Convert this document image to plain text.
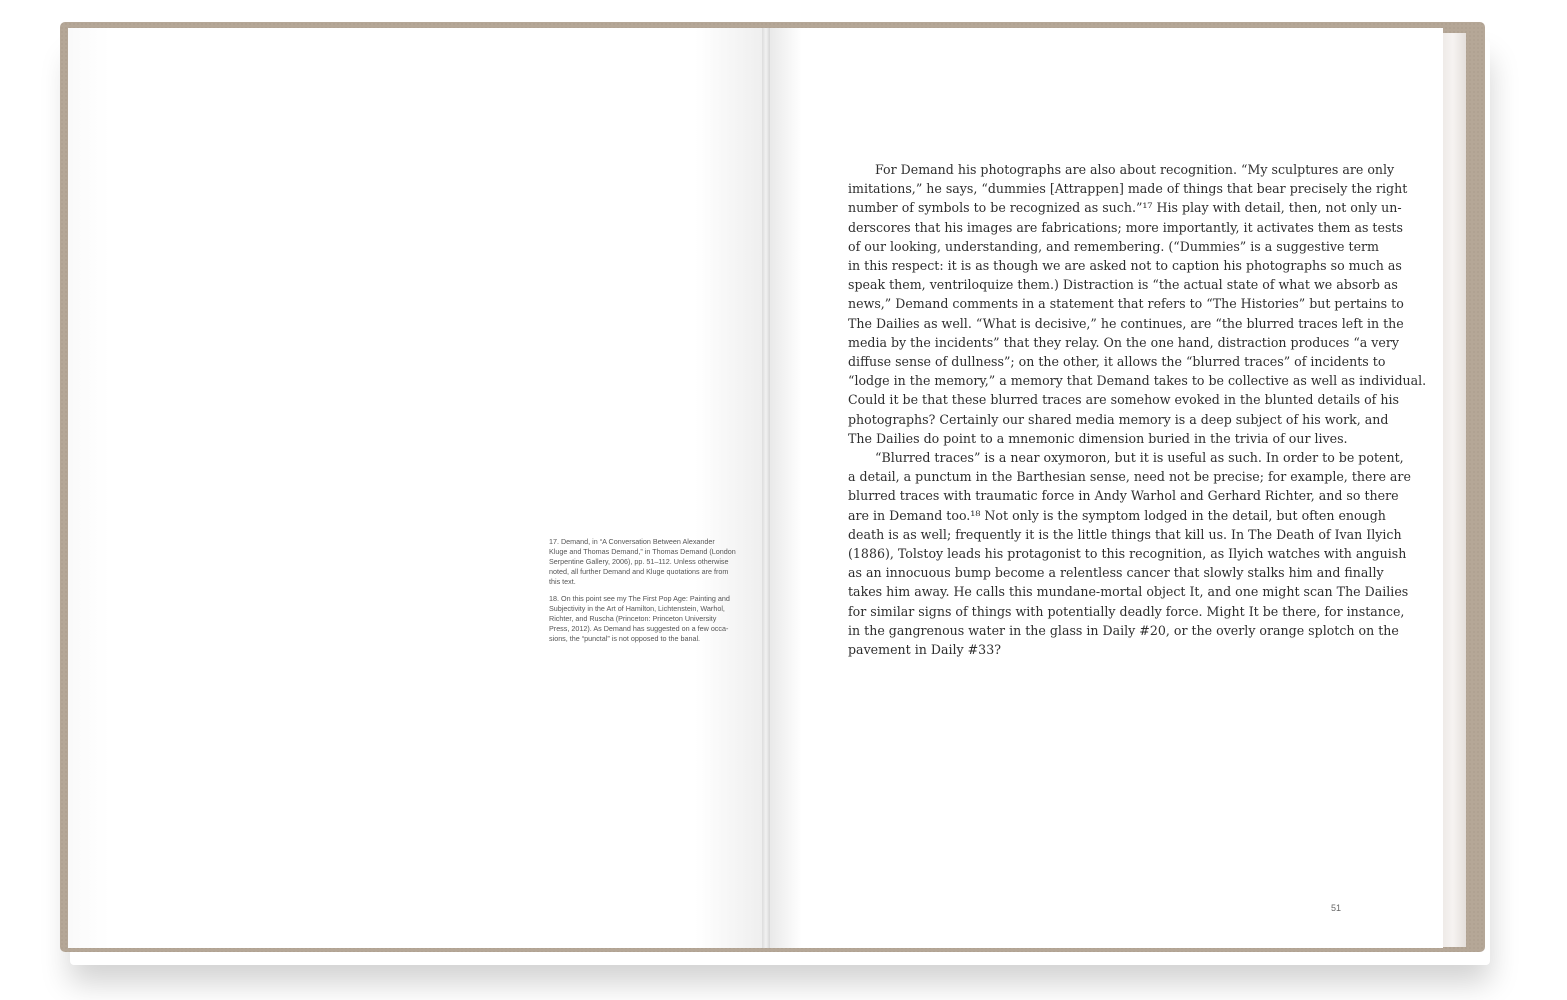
17. Demand, in “A Conversation Between Alexander
Kluge and Thomas Demand,” in Thomas Demand (London
Serpentine Gallery, 2006), pp. 51–112. Unless otherwise
noted, all further Demand and Kluge quotations are from
this text.
18. On this point see my The First Pop Age: Painting and
Subjectivity in the Art of Hamilton, Lichtenstein, Warhol,
Richter, and Ruscha (Princeton: Princeton University
Press, 2012). As Demand has suggested on a few occa-
sions, the “punctal” is not opposed to the banal.
For Demand his photographs are also about recognition. “My sculptures are only
imitations,” he says, “dummies [Attrappen] made of things that bear precisely the right
number of symbols to be recognized as such.”¹⁷ His play with detail, then, not only un-
derscores that his images are fabrications; more importantly, it activates them as tests
of our looking, understanding, and remembering. (“Dummies” is a suggestive term
in this respect: it is as though we are asked not to caption his photographs so much as
speak them, ventriloquize them.) Distraction is “the actual state of what we absorb as
news,” Demand comments in a statement that refers to “The Histories” but pertains to
The Dailies as well. “What is decisive,” he continues, are “the blurred traces left in the
media by the incidents” that they relay. On the one hand, distraction produces “a very
diffuse sense of dullness”; on the other, it allows the “blurred traces” of incidents to
“lodge in the memory,” a memory that Demand takes to be collective as well as individual.
Could it be that these blurred traces are somehow evoked in the blunted details of his
photographs? Certainly our shared media memory is a deep subject of his work, and
The Dailies do point to a mnemonic dimension buried in the trivia of our lives.
“Blurred traces” is a near oxymoron, but it is useful as such. In order to be potent,
a detail, a punctum in the Barthesian sense, need not be precise; for example, there are
blurred traces with traumatic force in Andy Warhol and Gerhard Richter, and so there
are in Demand too.¹⁸ Not only is the symptom lodged in the detail, but often enough
death is as well; frequently it is the little things that kill us. In The Death of Ivan Ilyich
(1886), Tolstoy leads his protagonist to this recognition, as Ilyich watches with anguish
as an innocuous bump become a relentless cancer that slowly stalks him and finally
takes him away. He calls this mundane-mortal object It, and one might scan The Dailies
for similar signs of things with potentially deadly force. Might It be there, for instance,
in the gangrenous water in the glass in Daily #20, or the overly orange splotch on the
pavement in Daily #33?
51
